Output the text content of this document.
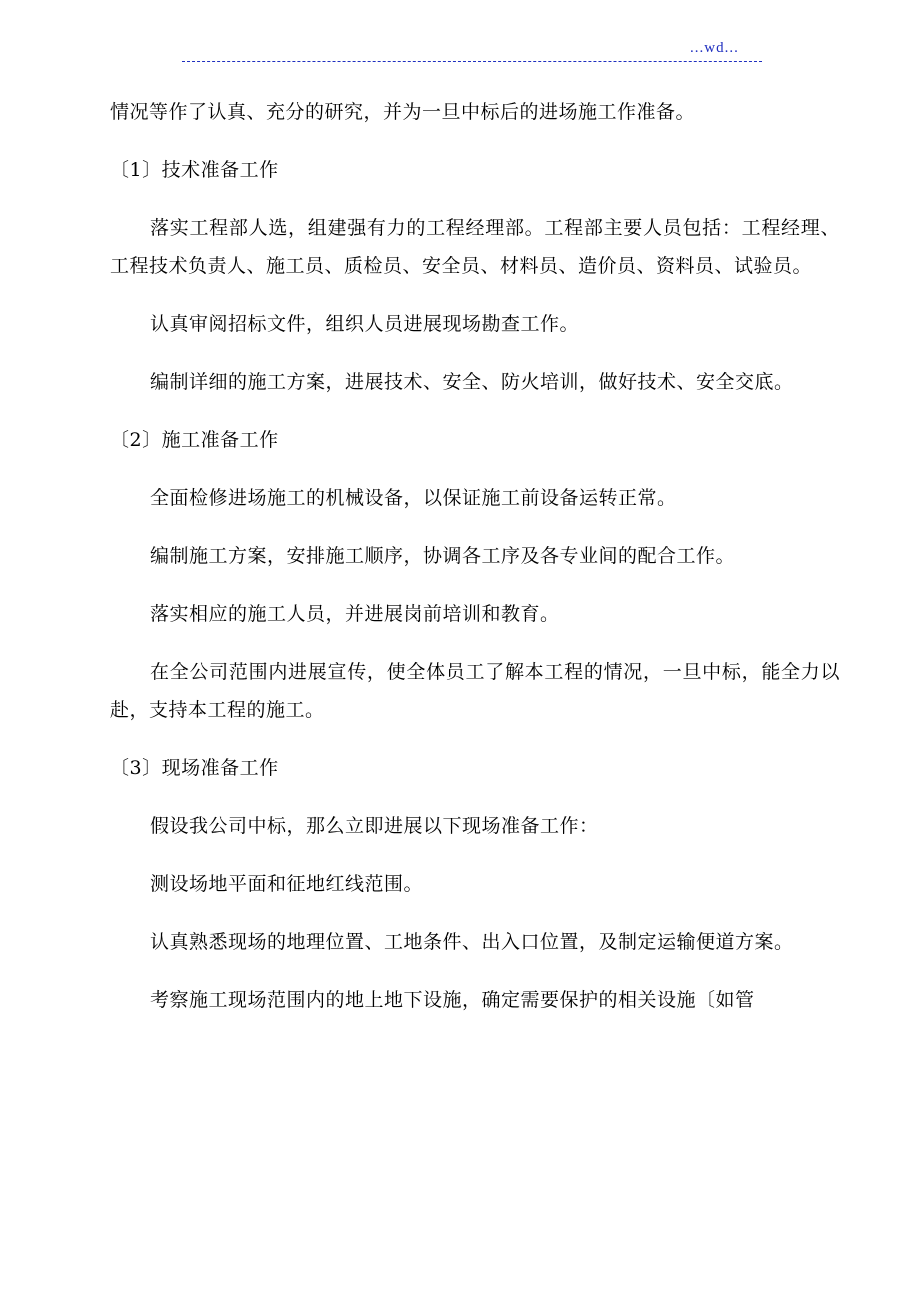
...wd...

情况等作了认真、充分的研究，并为一旦中标后的进场施工作准备。

〔1〕技术准备工作

落实工程部人选，组建强有力的工程经理部。工程部主要人员包括：工程经理、工程技术负责人、施工员、质检员、安全员、材料员、造价员、资料员、试验员。

认真审阅招标文件，组织人员进展现场勘查工作。

编制详细的施工方案，进展技术、安全、防火培训，做好技术、安全交底。

〔2〕施工准备工作

全面检修进场施工的机械设备，以保证施工前设备运转正常。

编制施工方案，安排施工顺序，协调各工序及各专业间的配合工作。

落实相应的施工人员，并进展岗前培训和教育。

在全公司范围内进展宣传，使全体员工了解本工程的情况，一旦中标，能全力以赴，支持本工程的施工。

〔3〕现场准备工作

假设我公司中标，那么立即进展以下现场准备工作：

测设场地平面和征地红线范围。

认真熟悉现场的地理位置、工地条件、出入口位置，及制定运输便道方案。

考察施工现场范围内的地上地下设施，确定需要保护的相关设施〔如管
